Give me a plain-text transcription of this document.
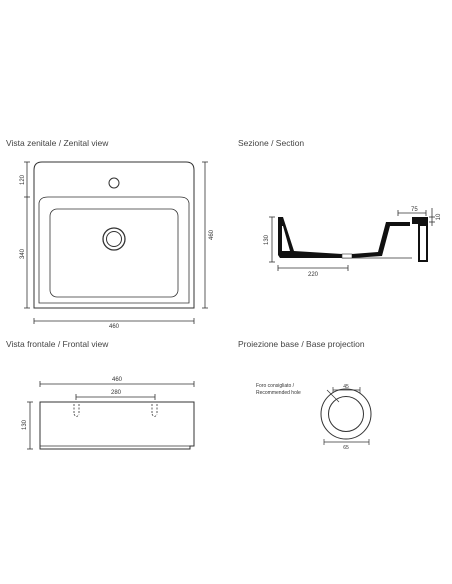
Vista zenitale / Zenital view	Sezione / Section
Vista frontale / Frontal view	Proiezione base / Base projection
120
340
460
460
130
220
75
10
460
280
130
Foro consigliato /
Recommended hole
45
65
